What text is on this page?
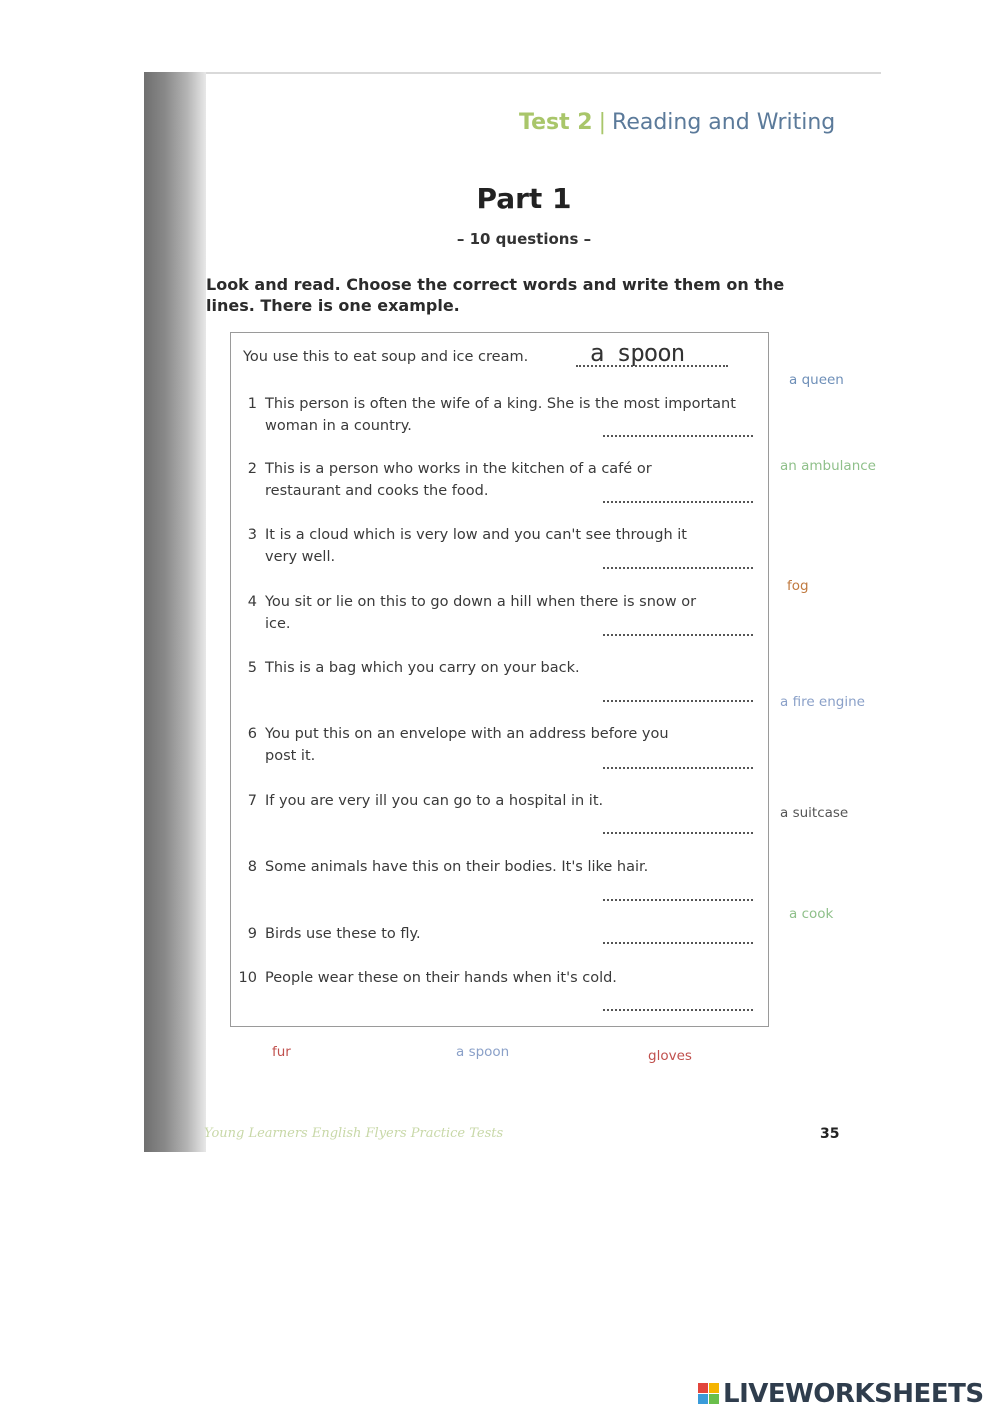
Test 2 | Reading and Writing
Part 1
– 10 questions –
Look and read. Choose the correct words and write them on the lines. There is one example.
You use this to eat soup and ice cream.	a spoon
1 This person is often the wife of a king. She is the most important
woman in a country.
2 This is a person who works in the kitchen of a café or
restaurant and cooks the food.
3 It is a cloud which is very low and you can't see through it
very well.
4 You sit or lie on this to go down a hill when there is snow or
ice.
5 This is a bag which you carry on your back.
6 You put this on an envelope with an address before you
post it.
7 If you are very ill you can go to a hospital in it.
8 Some animals have this on their bodies. It's like hair.
9 Birds use these to fly.
10 People wear these on their hands when it's cold.
a queen
an ambulance
fog
a fire engine
a suitcase
a cook
fur	a spoon	gloves
Young Learners English Flyers Practice Tests	35
LIVEWORKSHEETS
